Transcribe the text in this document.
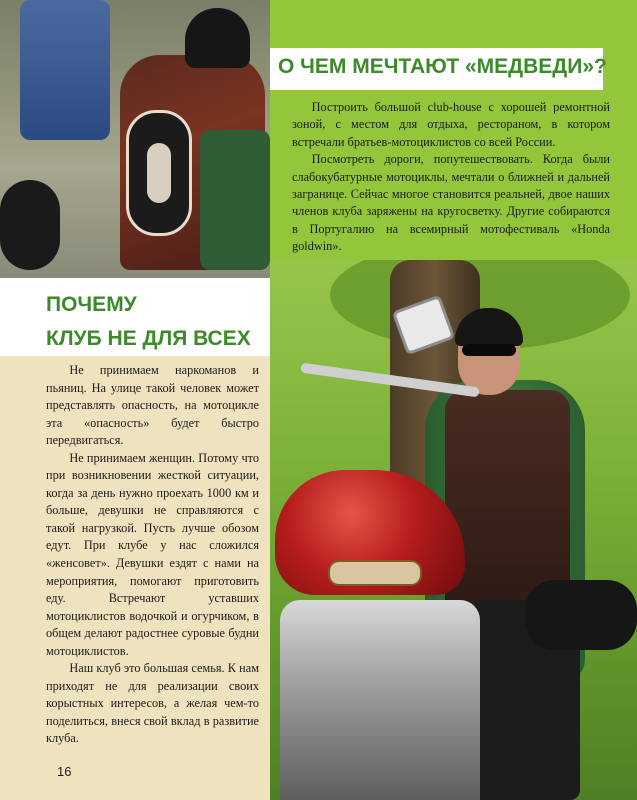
О ЧЕМ МЕЧТАЮТ «МЕДВЕДИ»?

Построить большой club-house с хорошей ремонтной зоной, с местом для отдыха, рестораном, в котором встречали братьев-мотоциклистов со всей России.

Посмотреть дороги, попутешествовать. Когда были слабокубатурные мотоциклы, мечтали о ближней и дальней загранице. Сейчас многое становится реальней, двое наших членов клуба заряжены на кругосветку. Другие собираются в Португалию на всемирный мотофестиваль «Honda goldwin».

ПОЧЕМУ
КЛУБ НЕ ДЛЯ ВСЕХ

Не принимаем наркоманов и пьяниц. На улице такой человек может представлять опасность, на мотоцикле эта «опасность» будет быстро передвигаться.

Не принимаем женщин. Потому что при возникновении жесткой ситуации, когда за день нужно проехать 1000 км и больше, девушки не справляются с такой нагрузкой. Пусть лучше обозом едут. При клубе у нас сложился «женсовет». Девушки ездят с нами на мероприятия, помогают приготовить еду. Встречают уставших мотоциклистов водочкой и огурчиком, в общем делают радостнее суровые будни мотоциклистов.

Наш клуб это большая семья. К нам приходят не для реализации своих корыстных интересов, а желая чем-то поделиться, внеся свой вклад в развитие клуба.

16
